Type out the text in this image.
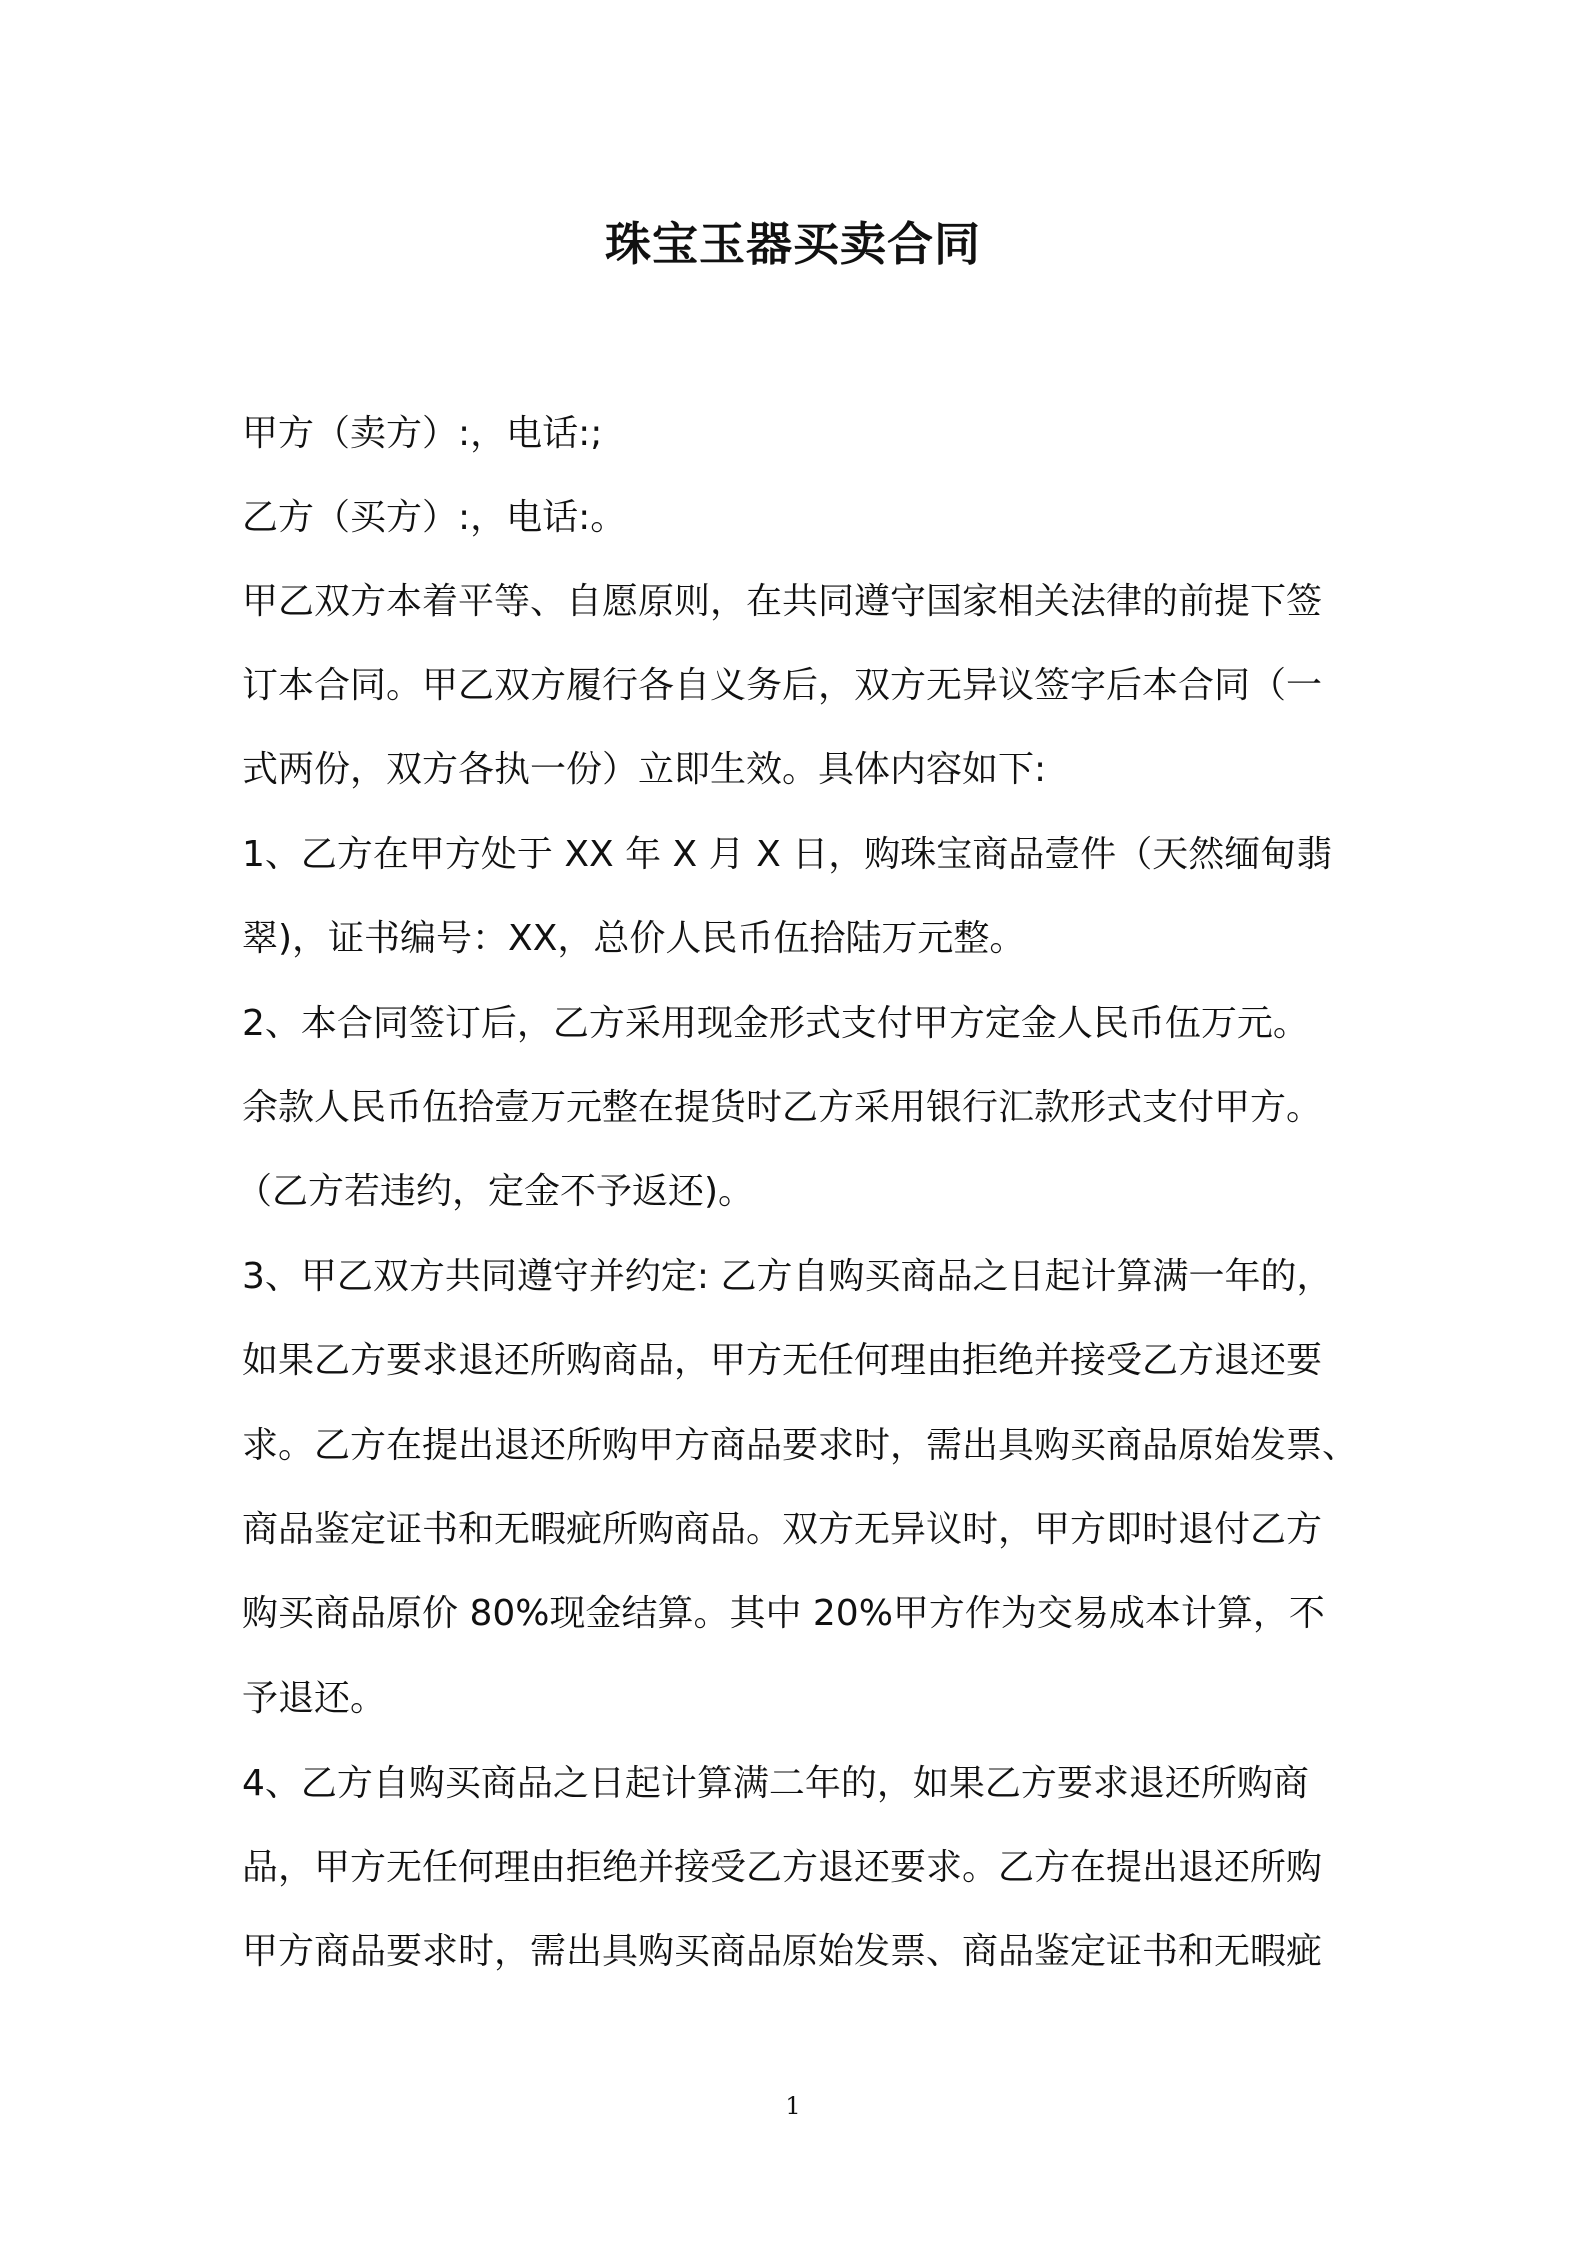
珠宝玉器买卖合同

甲方（卖方）:，电话:;

乙方（买方）:，电话:。

甲乙双方本着平等、自愿原则，在共同遵守国家相关法律的前提下签

订本合同。甲乙双方履行各自义务后，双方无异议签字后本合同（一

式两份，双方各执一份）立即生效。具体内容如下:

1、乙方在甲方处于 XX 年 X 月 X 日，购珠宝商品壹件（天然缅甸翡

翠)，证书编号：XX，总价人民币伍拾陆万元整。

2、本合同签订后，乙方采用现金形式支付甲方定金人民币伍万元。

余款人民币伍拾壹万元整在提货时乙方采用银行汇款形式支付甲方。

（乙方若违约，定金不予返还)。

3、甲乙双方共同遵守并约定: 乙方自购买商品之日起计算满一年的，

如果乙方要求退还所购商品，甲方无任何理由拒绝并接受乙方退还要

求。乙方在提出退还所购甲方商品要求时，需出具购买商品原始发票、

商品鉴定证书和无暇疵所购商品。双方无异议时，甲方即时退付乙方

购买商品原价 80%现金结算。其中 20%甲方作为交易成本计算，不

予退还。

4、乙方自购买商品之日起计算满二年的，如果乙方要求退还所购商

品，甲方无任何理由拒绝并接受乙方退还要求。乙方在提出退还所购

甲方商品要求时，需出具购买商品原始发票、商品鉴定证书和无暇疵

1
